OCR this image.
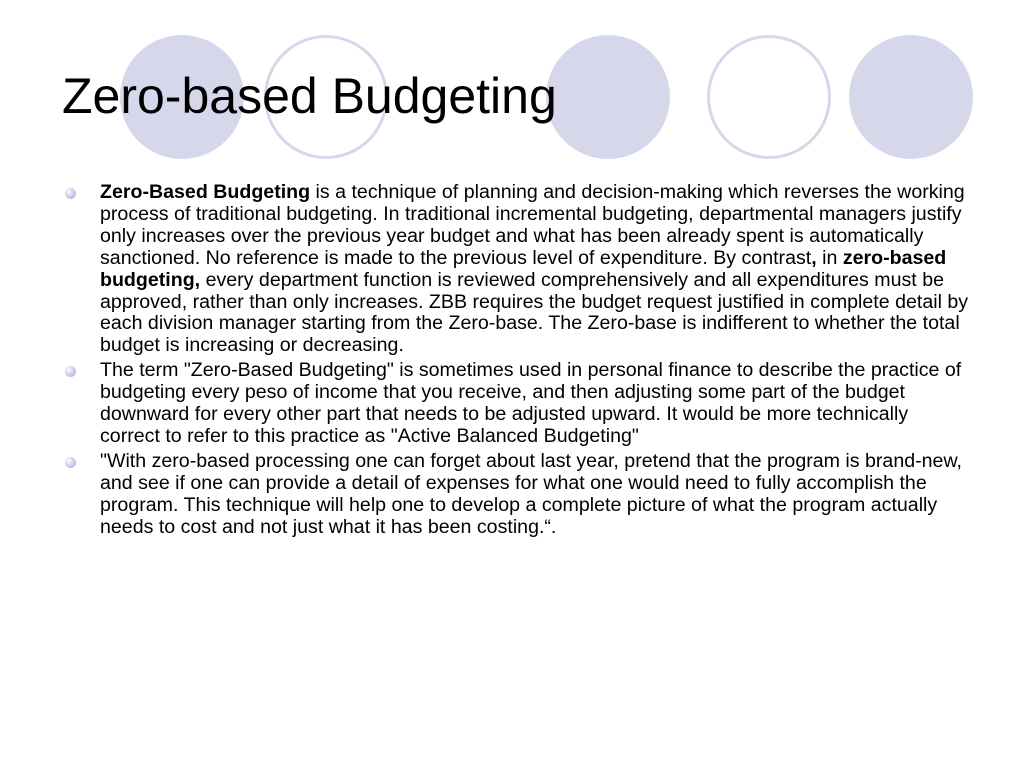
Zero-based Budgeting
Zero-Based Budgeting is a technique of planning and decision-making which reverses the working process of traditional budgeting. In traditional incremental budgeting, departmental managers justify only increases over the previous year budget and what has been already spent is automatically sanctioned. No reference is made to the previous level of expenditure. By contrast, in zero-based budgeting, every department function is reviewed comprehensively and all expenditures must be approved, rather than only increases. ZBB requires the budget request justified in complete detail by each division manager starting from the Zero-base. The Zero-base is indifferent to whether the total budget is increasing or decreasing.
The term "Zero-Based Budgeting" is sometimes used in personal finance to describe the practice of budgeting every peso of income that you receive, and then adjusting some part of the budget downward for every other part that needs to be adjusted upward. It would be more technically correct to refer to this practice as "Active Balanced Budgeting"
"With zero-based processing one can forget about last year, pretend that the program is brand-new, and see if one can provide a detail of expenses for what one would need to fully accomplish the program. This technique will help one to develop a complete picture of what the program actually needs to cost and not just what it has been costing.“.
